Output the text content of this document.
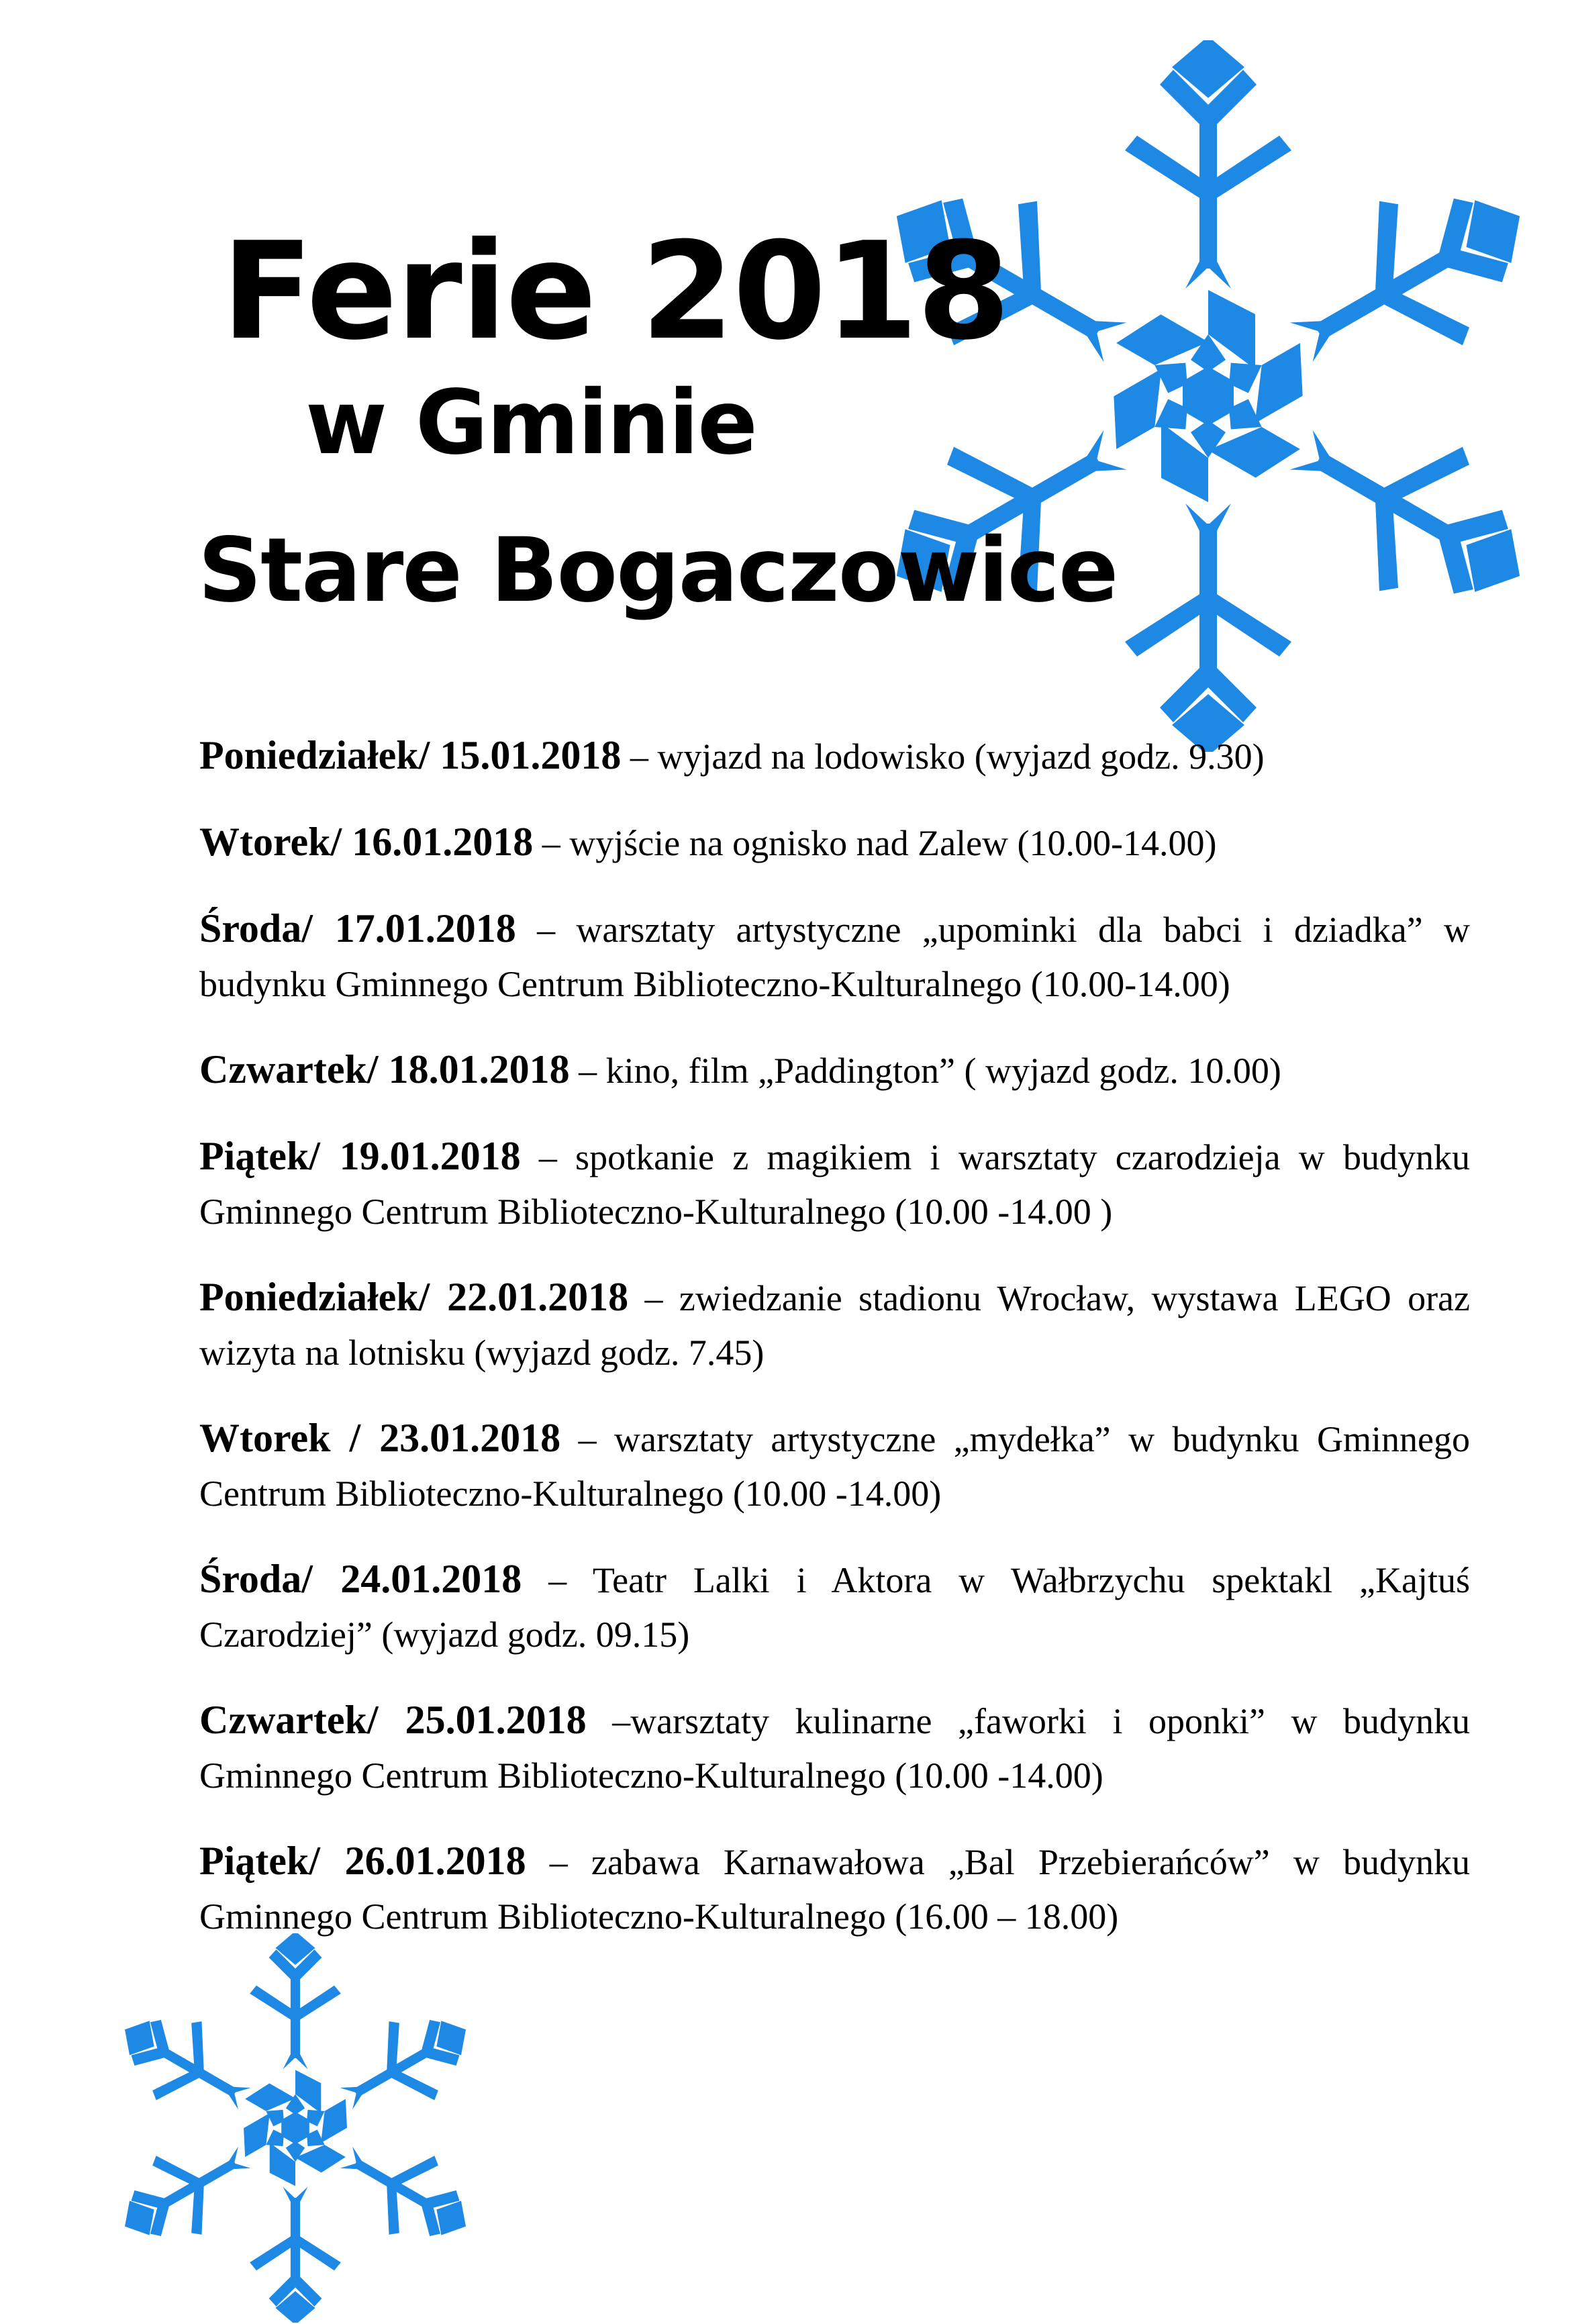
Ferie 2018
w Gminie
Stare Bogaczowice
Poniedziałek/ 15.01.2018 – wyjazd na lodowisko (wyjazd godz. 9.30)
Wtorek/ 16.01.2018 – wyjście na ognisko nad Zalew (10.00-14.00)
Środa/ 17.01.2018 – warsztaty artystyczne „upominki dla babci i dziadka” w budynku Gminnego Centrum Biblioteczno-Kulturalnego (10.00-14.00)
Czwartek/ 18.01.2018 – kino, film „Paddington” ( wyjazd godz. 10.00)
Piątek/ 19.01.2018 – spotkanie z magikiem i warsztaty czarodzieja w budynku Gminnego Centrum Biblioteczno-Kulturalnego (10.00 -14.00 )
Poniedziałek/ 22.01.2018 – zwiedzanie stadionu Wrocław, wystawa LEGO oraz wizyta na lotnisku (wyjazd godz. 7.45)
Wtorek / 23.01.2018 – warsztaty artystyczne „mydełka” w budynku Gminnego Centrum Biblioteczno-Kulturalnego (10.00 -14.00)
Środa/ 24.01.2018 – Teatr Lalki i Aktora w Wałbrzychu spektakl „Kajtuś Czarodziej” (wyjazd godz. 09.15)
Czwartek/ 25.01.2018 –warsztaty kulinarne „faworki i oponki” w budynku Gminnego Centrum Biblioteczno-Kulturalnego (10.00 -14.00)
Piątek/ 26.01.2018 – zabawa Karnawałowa „Bal Przebierańców” w budynku Gminnego Centrum Biblioteczno-Kulturalnego (16.00 – 18.00)
